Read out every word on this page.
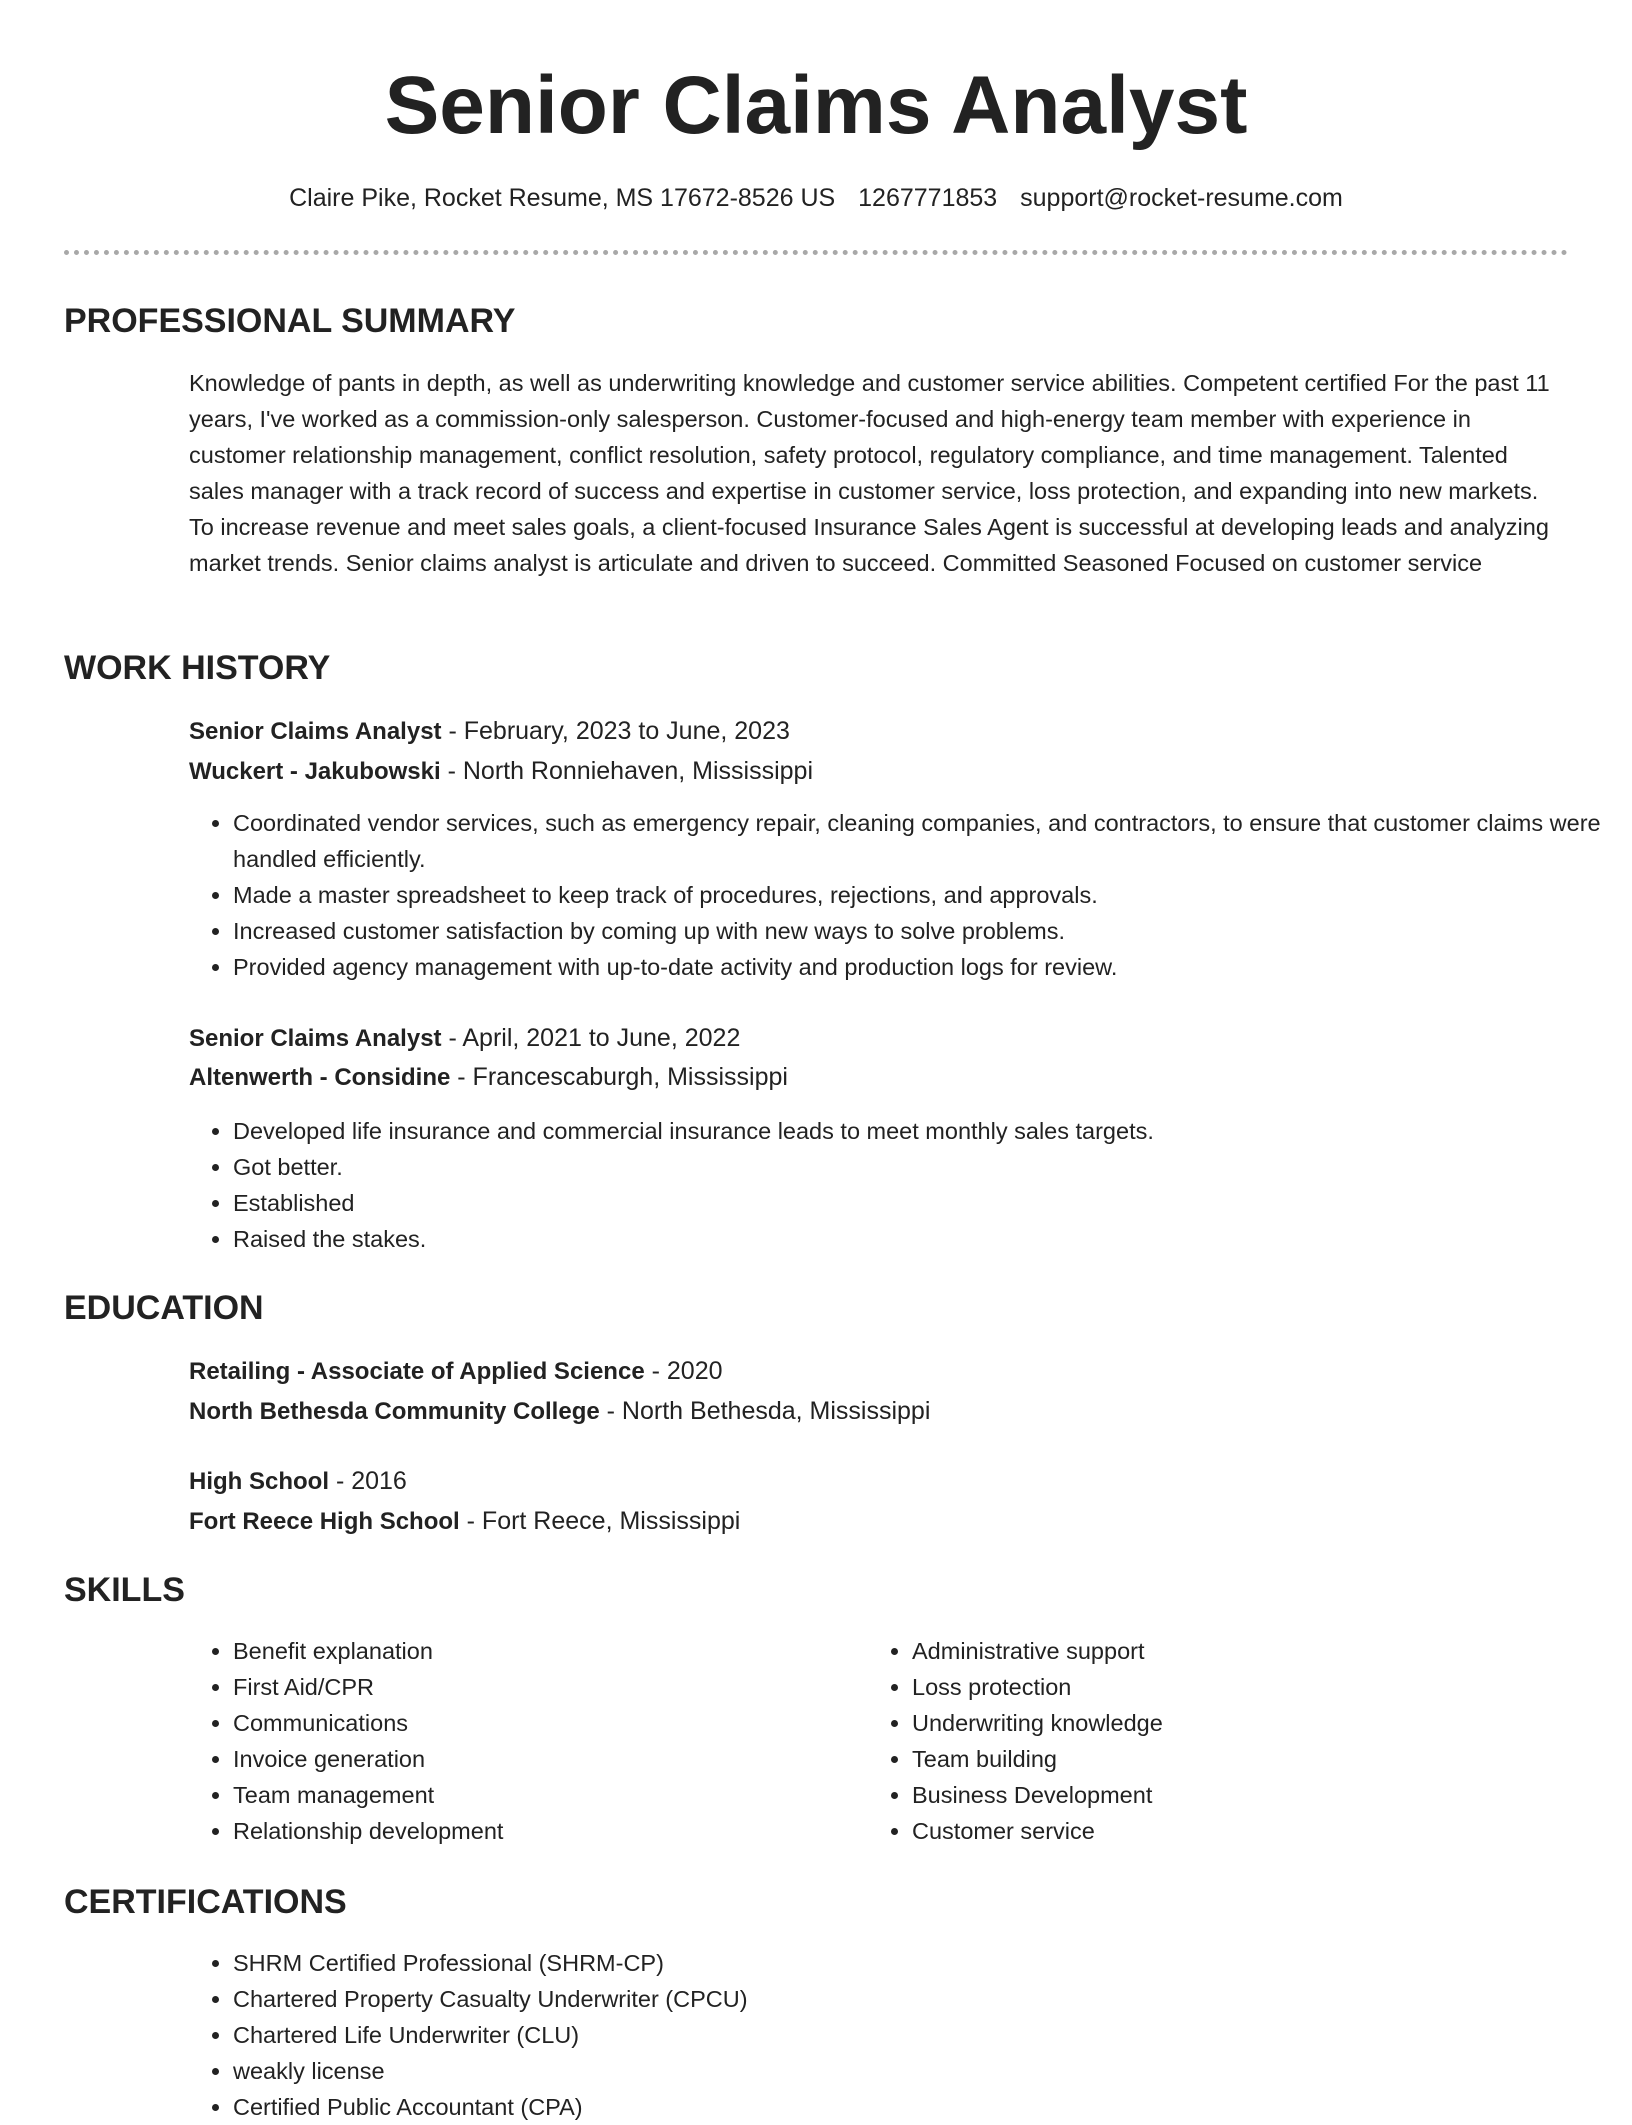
Senior Claims Analyst
Claire Pike, Rocket Resume, MS 17672-8526 US 1267771853 support@rocket-resume.com
PROFESSIONAL SUMMARY

Knowledge of pants in depth, as well as underwriting knowledge and customer service abilities. Competent certified For the past 11 years, I've worked as a commission-only salesperson. Customer-focused and high-energy team member with experience in customer relationship management, conflict resolution, safety protocol, regulatory compliance, and time management. Talented sales manager with a track record of success and expertise in customer service, loss protection, and expanding into new markets. To increase revenue and meet sales goals, a client-focused Insurance Sales Agent is successful at developing leads and analyzing market trends. Senior claims analyst is articulate and driven to succeed. Committed Seasoned Focused on customer service

WORK HISTORY
Senior Claims Analyst - February, 2023 to June, 2023
Wuckert - Jakubowski - North Ronniehaven, Mississippi
• Coordinated vendor services, such as emergency repair, cleaning companies, and contractors, to ensure that customer claims were handled efficiently.
• Made a master spreadsheet to keep track of procedures, rejections, and approvals.
• Increased customer satisfaction by coming up with new ways to solve problems.
• Provided agency management with up-to-date activity and production logs for review.
Senior Claims Analyst - April, 2021 to June, 2022
Altenwerth - Considine - Francescaburgh, Mississippi
• Developed life insurance and commercial insurance leads to meet monthly sales targets.
• Got better.
• Established
• Raised the stakes.
EDUCATION
Retailing - Associate of Applied Science - 2020
North Bethesda Community College - North Bethesda, Mississippi
High School - 2016
Fort Reece High School - Fort Reece, Mississippi
SKILLS
• Benefit explanation
• First Aid/CPR
• Communications
• Invoice generation
• Team management
• Relationship development
• Administrative support
• Loss protection
• Underwriting knowledge
• Team building
• Business Development
• Customer service
CERTIFICATIONS
• SHRM Certified Professional (SHRM-CP)
• Chartered Property Casualty Underwriter (CPCU)
• Chartered Life Underwriter (CLU)
• weakly license
• Certified Public Accountant (CPA)
